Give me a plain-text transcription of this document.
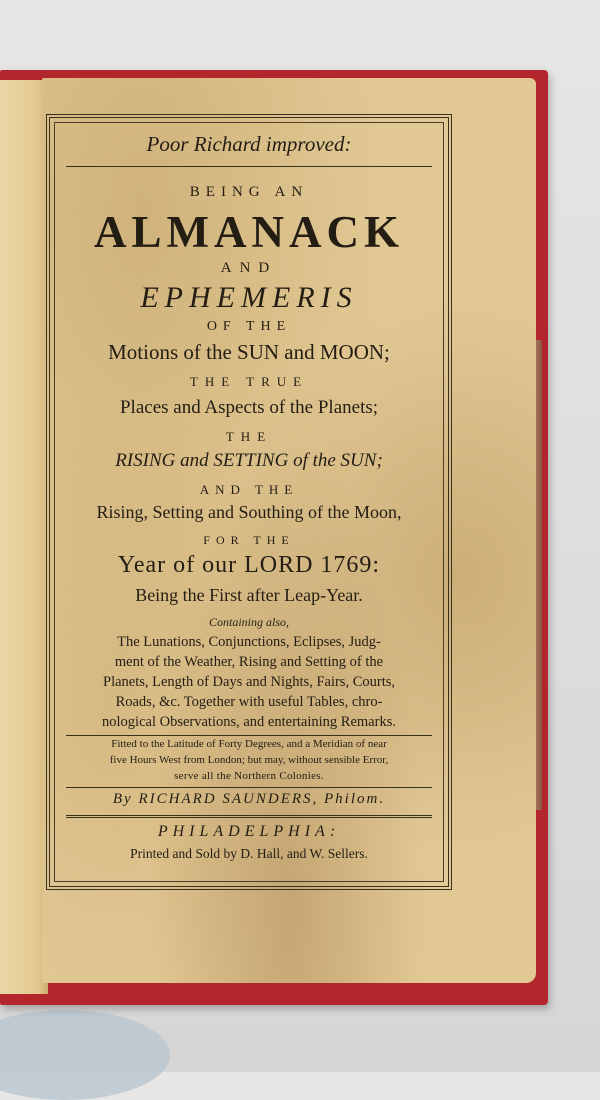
Poor Richard improved:
BEING AN
ALMANACK
AND
EPHEMERIS
OF THE
Motions of the SUN and MOON;
THE TRUE
Places and Aspects of the Planets;
THE
RISING and SETTING of the SUN;
AND THE
Rising, Setting and Southing of the Moon,
FOR THE
Year of our LORD 1769:
Being the First after Leap-Year.
Containing also,
The Lunations, Conjunctions, Eclipses, Judg-
ment of the Weather, Rising and Setting of the
Planets, Length of Days and Nights, Fairs, Courts,
Roads, &c. Together with useful Tables, chro-
nological Observations, and entertaining Remarks.
Fitted to the Latitude of Forty Degrees, and a Meridian of near
five Hours West from London; but may, without sensible Error,
serve all the Northern Colonies.
By RICHARD SAUNDERS, Philom.
PHILADELPHIA:
Printed and Sold by D. Hall, and W. Sellers.
